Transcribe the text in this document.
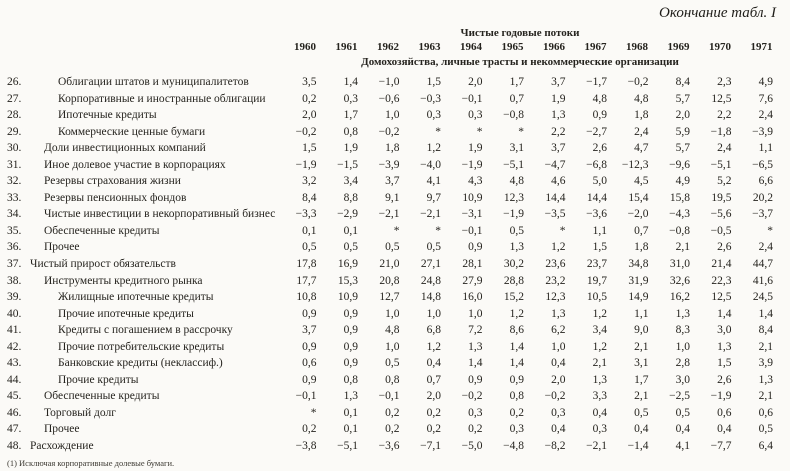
Окончание табл. I
Чистые годовые потоки
1960	1961	1962	1963	1964	1965	1966	1967	1968	1969	1970	1971
Домохозяйства, личные трасты и некоммерческие организации
26.	Облигации штатов и муниципалитетов	3,5	1,4	−1,0	1,5	2,0	1,7	3,7	−1,7	−0,2	8,4	2,3	4,9
27.	Корпоративные и иностранные облигации	0,2	0,3	−0,6	−0,3	−0,1	0,7	1,9	4,8	4,8	5,7	12,5	7,6
28.	Ипотечные кредиты	2,0	1,7	1,0	0,3	0,3	−0,8	1,3	0,9	1,8	2,0	2,2	2,4
29.	Коммерческие ценные бумаги	−0,2	0,8	−0,2	*	*	*	2,2	−2,7	2,4	5,9	−1,8	−3,9
30.	Доли инвестиционных компаний	1,5	1,9	1,8	1,2	1,9	3,1	3,7	2,6	4,7	5,7	2,4	1,1
31.	Иное долевое участие в корпорациях	−1,9	−1,5	−3,9	−4,0	−1,9	−5,1	−4,7	−6,8	−12,3	−9,6	−5,1	−6,5
32.	Резервы страхования жизни	3,2	3,4	3,7	4,1	4,3	4,8	4,6	5,0	4,5	4,9	5,2	6,6
33.	Резервы пенсионных фондов	8,4	8,8	9,1	9,7	10,9	12,3	14,4	14,4	15,4	15,8	19,5	20,2
34.	Чистые инвестиции в некорпоративный бизнес	−3,3	−2,9	−2,1	−2,1	−3,1	−1,9	−3,5	−3,6	−2,0	−4,3	−5,6	−3,7
35.	Обеспеченные кредиты	0,1	0,1	*	*	−0,1	0,5	*	1,1	0,7	−0,8	−0,5	*
36.	Прочее	0,5	0,5	0,5	0,5	0,9	1,3	1,2	1,5	1,8	2,1	2,6	2,4
37. Чистый прирост обязательств	17,8	16,9	21,0	27,1	28,1	30,2	23,6	23,7	34,8	31,0	21,4	44,7
38.	Инструменты кредитного рынка	17,7	15,3	20,8	24,8	27,9	28,8	23,2	19,7	31,9	32,6	22,3	41,6
39.	Жилищные ипотечные кредиты	10,8	10,9	12,7	14,8	16,0	15,2	12,3	10,5	14,9	16,2	12,5	24,5
40.	Прочие ипотечные кредиты	0,9	0,9	1,0	1,0	1,0	1,2	1,3	1,2	1,1	1,3	1,4	1,4
41.	Кредиты с погашением в рассрочку	3,7	0,9	4,8	6,8	7,2	8,6	6,2	3,4	9,0	8,3	3,0	8,4
42.	Прочие потребительские кредиты	0,9	0,9	1,0	1,2	1,3	1,4	1,0	1,2	2,1	1,0	1,3	2,1
43.	Банковские кредиты (неклассиф.)	0,6	0,9	0,5	0,4	1,4	1,4	0,4	2,1	3,1	2,8	1,5	3,9
44.	Прочие кредиты	0,9	0,8	0,8	0,7	0,9	0,9	2,0	1,3	1,7	3,0	2,6	1,3
45.	Обеспеченные кредиты	−0,1	1,3	−0,1	2,0	−0,2	0,8	−0,2	3,3	2,1	−2,5	−1,9	2,1
46.	Торговый долг	*	0,1	0,2	0,2	0,3	0,2	0,3	0,4	0,5	0,5	0,6	0,6
47.	Прочее	0,2	0,1	0,2	0,2	0,2	0,3	0,4	0,3	0,4	0,4	0,4	0,5
48. Расхождение	−3,8	−5,1	−3,6	−7,1	−5,0	−4,8	−8,2	−2,1	−1,4	4,1	−7,7	6,4
(1) Исключая корпоративные долевые бумаги.
